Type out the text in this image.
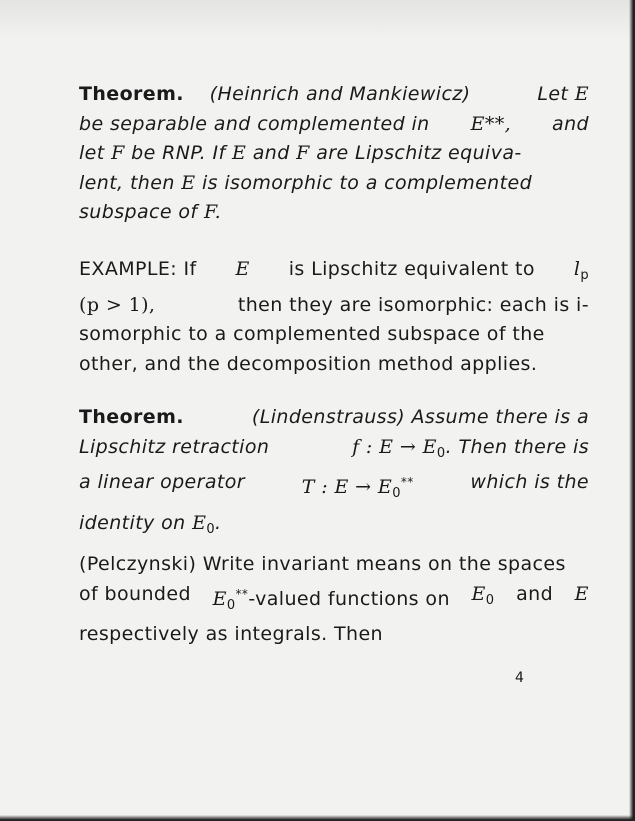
Theorem. (Heinrich and Mankiewicz)	Let E
be separable and complemented in E**, and
let F be RNP. If E and F are Lipschitz equiva-
lent, then E is isomorphic to a complemented
subspace of F.
EXAMPLE: If E is Lipschitz equivalent to $l_p$
(p > 1),	then they are isomorphic: each is i-
somorphic to a complemented subspace of the
other, and the decomposition method applies.
Theorem.	(Lindenstrauss) Assume there is a
Lipschitz retraction	f : $E \to E_0$. Then there is
a linear operator	T : $E \to E_0^{**}$	which is the
identity on $E_0$.
(Pelczynski) Write invariant means on the spaces
of bounded $E_0^{**}$-valued functions on $E_0$ and E
respectively as integrals. Then
4
